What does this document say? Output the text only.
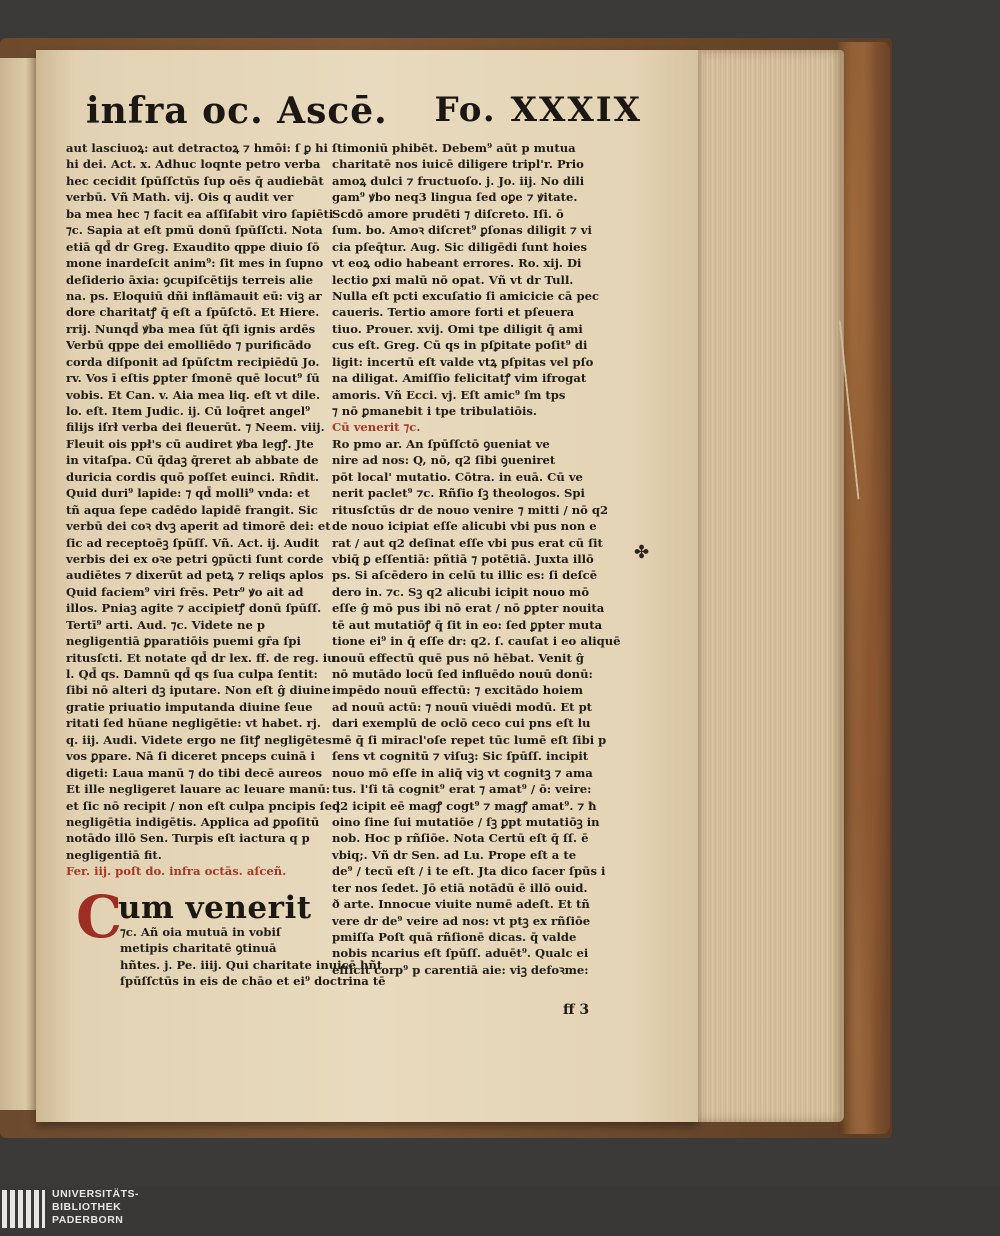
infra oc. Ascē. Fo. XXXIX
aut lasciuoꝝ: aut detractoꝝ ⁊ hmōi: ſ ꝑ hi
hi dei. Act. x. Adhuc loqnte petro verba
hec cecidit ſpūſſctūs ſup oēs q̄ audiebāt
verbū. Vñ Math. vij. Ois q audit ver
ba mea hec ⁊ facit ea aſſiſabit viro ſapiēti
⁊c. Sapia at eſt pmū donū ſpūſſcti. Nota
etiā qd̄ dr Greg. Exaudito qppe diuio ſō
mone inardeſcit anim⁹: ſit mes in ſupno
deſiderio āxia: ꝯcupiſcētijs terreis alie
na. ps. Eloquiū dñi inflāmauit eū: viꝫ ar
dore charitatꝭ q̄ eſt a ſpūſctō. Et Hiere.
rrij. Nunqd̄ ꝟba mea ſūt q̄ſi ignis ardēs
Verbū qppe dei emolliēdo ⁊ purificādo
corda diſponit ad ſpūſctm recipiēdū Jo.
rv. Vos ī eſtis ꝑpter ſmonē quē locut⁹ ſū
vobis. Et Can. v. Aia mea liq. eſt vt dile.
lo. eſt. Item Judic. ij. Cū loq̄ret angel⁹
filijs iſrł verba dei fleuerūt. ⁊ Neem. viij.
Fleuit ois ppł's cū audiret ꝟba legꝭ. Jte
in vitaſpa. Cū q̄daꝫ q̄reret ab abbate de
duricia cordis quō poſſet euinci. Rn̄dit.
Quid duri⁹ lapide: ⁊ qd̄ molli⁹ vnda: et
tñ aqua ſepe cadēdo lapidē frangit. Sic
verbū dei coꝛ dvꝫ aperit ad timorē dei: et
ſic ad receptoēꝫ ſpūſſ. Vñ. Act. ij. Audit
verbis dei ex oꝛe petri ꝯpūcti ſunt corde
audiētes ⁊ dixerūt ad petꝝ ⁊ reliqs aplos
Quid faciem⁹ viri frēs. Petr⁹ ꝟo ait ad
illos. Pniaꝫ agite ⁊ accipietꝭ donū ſpūſſ.
Tertī⁹ arti. Aud. ⁊c. Videte ne p
negligentiā ꝑparatiōis puemi gr̄a ſpi
ritusſcti. Et notate qd̄ dr lex. ff. de reg. iu.
l. Qd̄ qs. Damnū qd̄ qs ſua culpa ſentit:
ſibi nō alteri dꝫ iputare. Non eſt ĝ diuine
gratie priuatio imputanda diuine ſeue
ritati ſed hūane negligētie: vt habet. rj.
q. iij. Audi. Videte ergo ne ſitꝭ negligētes
vos ꝑpare. Nā ſi diceret pnceps cuinā i
digeti: Laua manū ⁊ do tibi decē aureos
Et ille negligeret lauare ac leuare manū:
et ſic nō recipit / non eſt culpa pncipis ſed
negligētia indigētis. Applica ad ꝑpoſitū
notādo illō Sen. Turpis eſt iactura q p
negligentiā fit.
Fer. iij. poſt do. infra octās. aſceñ.
ſtimoniū phibēt. Debem⁹ aūt p mutua
charitatē nos iuicē diligere tripl'r. Prio
amoꝝ dulci ⁊ fructuoſo. j. Jo. iij. No dili
gam⁹ ꝟbo neq3 lingua ſed oꝑe ⁊ ꝟitate.
Scdō amore prudēti ⁊ diſcreto. Iſi. ō
ſum. bo. Amoꝛ diſcret⁹ ꝑſonas diligit ⁊ vi
cia pſeq̄tur. Aug. Sic diligēdi ſunt hoies
vt eoꝝ odio habeant errores. Ro. xij. Di
lectio ꝑxi malū nō opat. Vñ vt dr Tull.
Nulla eſt pcti excuſatio ſi amicicie cā pec
caueris. Tertio amore forti et pſeuera
tiuo. Prouer. xvij. Omi tpe diligit q̄ ami
cus eſt. Greg. Cū qs in pſꝑitate poſit⁹ di
ligit: incertū eſt valde vtꝝ pſpitas vel pſo
na diligat. Amiſſio felicitatꝭ vim ifrogat
amoris. Vñ Ecci. vj. Eſt amic⁹ ſm tps
⁊ nō ꝑmanebit i tpe tribulatiōis.
Cū venerit ⁊c.
Ro pmo ar. An ſpūſſctō ꝯueniat ve
nire ad nos: Q, nō, q2 ſibi ꝯueniret
pōt local' mutatio. Cōtra. in euā. Cū ve
nerit paclet⁹ ⁊c. Rñſio ſꝫ theologos. Spi
ritusſctūs dr de nouo venire ⁊ mitti / nō q2
de nouo icipiat eſſe alicubi vbi pus non e
rat / aut q2 deſinat eſſe vbi pus erat cū ſit
vbiq̄ ꝑ eſſentiā: pñtiā ⁊ potētiā. Juxta illō
ps. Si aſcēdero in celū tu illic es: ſi deſcē
dero in. ⁊c. Sꝫ q2 alicubi icipit nouo mō
eſſe ĝ mō pus ibi nō erat / nō ꝑpter nouita
tē aut mutatiōꝭ q̄ ſit in eo: ſed ꝑpter muta
tione ei⁹ in q̄ eſſe dr: q2. ſ. cauſat i eo aliquē
nouū effectū quē pus nō hēbat. Venit ĝ
nō mutādo locū ſed influēdo nouū donū:
impēdo nouū effectū: ⁊ excitādo hoiem
ad nouū actū: ⁊ nouū viuēdi modū. Et pt
dari exemplū de oclō ceco cui pns eſt lu
mē q̄ ſi miracl'oſe repet tūc lumē eſt ſibi p
ſens vt cognitū ⁊ viſuꝫ: Sic ſpūſſ. incipit
nouo mō eſſe in aliq̄ viꝫ vt cognitꝫ ⁊ ama
tus. l'ſi tā cognit⁹ erat ⁊ amat⁹ / ō: veire:
q2 icipit eē magꝭ cogt⁹ ⁊ magꝭ amat⁹. ⁊ ħ
oino ſine ſui mutatiōe / ſꝫ ꝑpt mutatiōꝫ in
nob. Hoc p rñſiōe. Nota Certū eſt q̄ ſſ. ē
vbiq;. Vñ dr Sen. ad Lu. Prope eſt a te
de⁹ / tecū eſt / i te eſt. Jta dico ſacer ſpūs i
ter nos ſedet. Jō etiā notādū ē illō ouid.
ð arte. Innocue viuite numē adeſt. Et tñ
vere dr de⁹ veire ad nos: vt ptꝫ ex rñſiōe
pmiſſa Poſt quā rñſionē dicas. q̄ valde
nobis ncarius eſt ſpūſſ. aduēt⁹. Qualc ei
efficit corp⁹ p carentiā aie: viꝫ defoꝛme:
C
um venerit
⁊c. Añ oia mutuā in vobiſ
metipis charitatē ꝯtinuā
hñtes. j. Pe. iiij. Qui charitate inuicē hñt
ſpūſſctūs in eis de chāo et ei⁹ doctrina tē
✤
ff 3
UNIVERSITÄTS-
BIBLIOTHEK
PADERBORN
